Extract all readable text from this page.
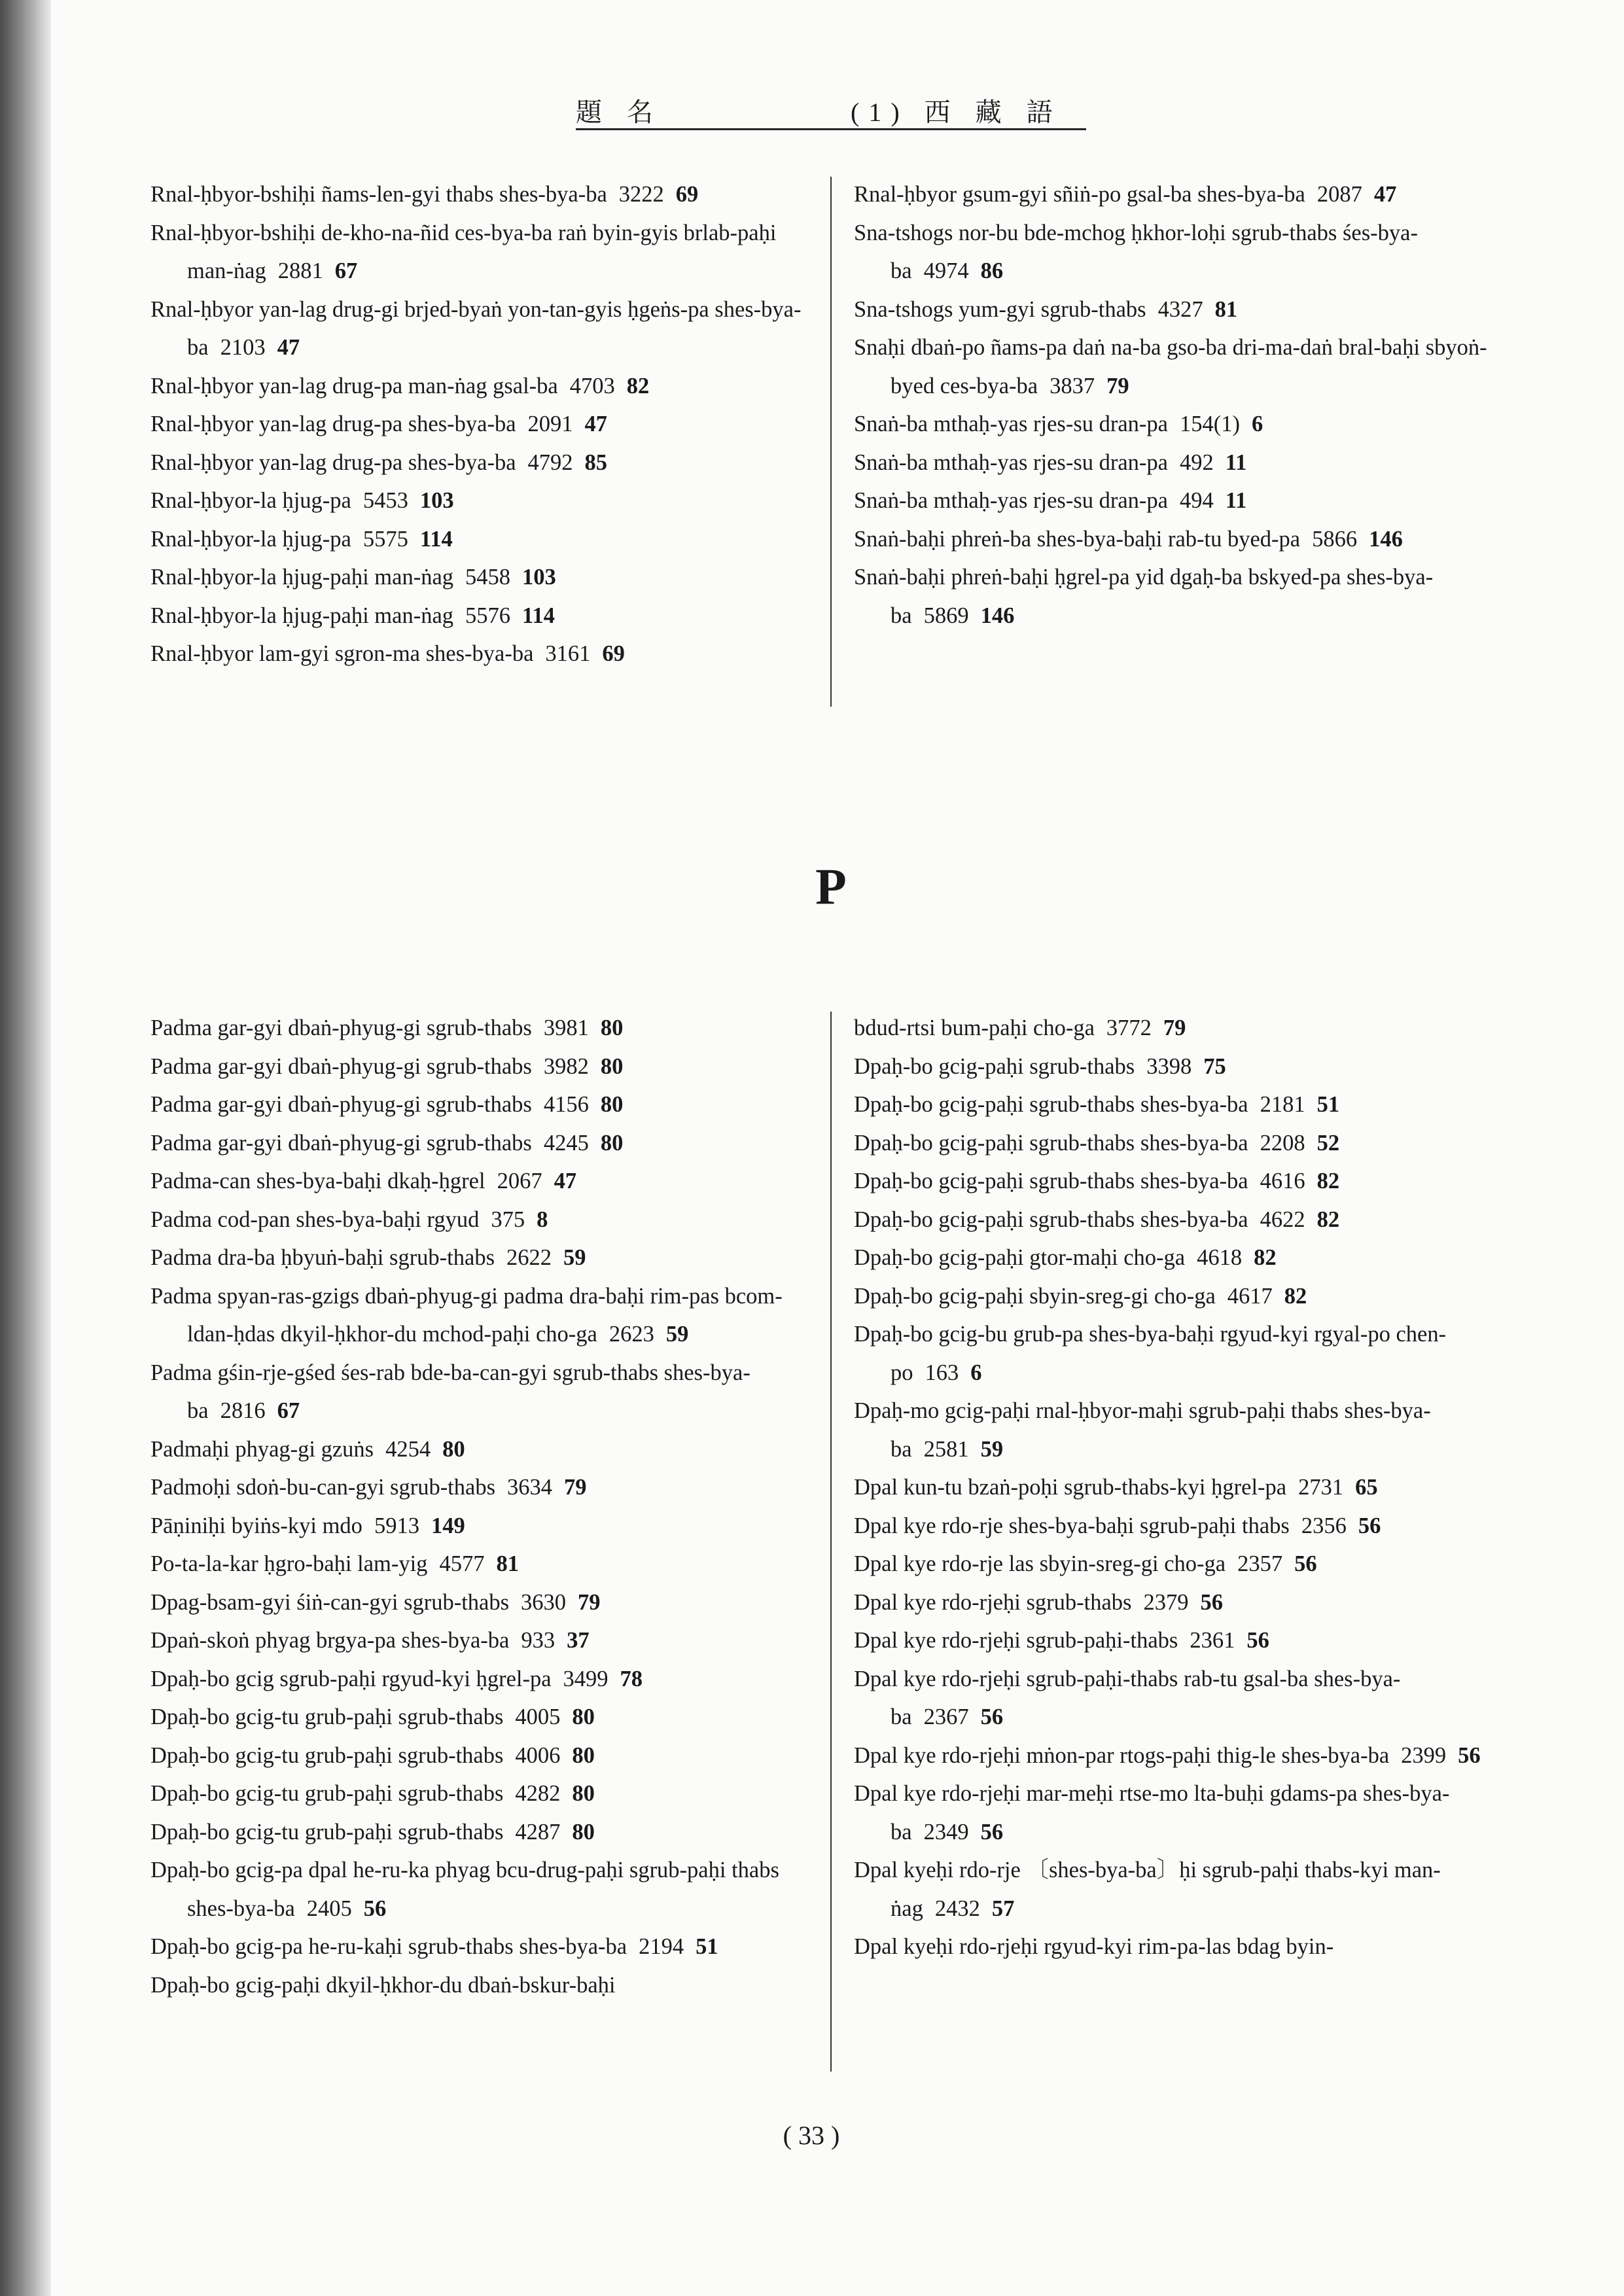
題 名	(1) 西 藏 語
Rnal-ḥbyor-bshiḥi ñams-len-gyi thabs shes-bya-ba 3222 69
Rnal-ḥbyor-bshiḥi de-kho-na-ñid ces-bya-ba raṅ byin-gyis brlab-paḥi man-ṅag 2881 67
Rnal-ḥbyor yan-lag drug-gi brjed-byaṅ yon-tan-gyis ḥgeṅs-pa shes-bya-ba 2103 47
Rnal-ḥbyor yan-lag drug-pa man-ṅag gsal-ba 4703 82
Rnal-ḥbyor yan-lag drug-pa shes-bya-ba 2091 47
Rnal-ḥbyor yan-lag drug-pa shes-bya-ba 4792 85
Rnal-ḥbyor-la ḥjug-pa 5453 103
Rnal-ḥbyor-la ḥjug-pa 5575 114
Rnal-ḥbyor-la ḥjug-paḥi man-ṅag 5458 103
Rnal-ḥbyor-la ḥjug-paḥi man-ṅag 5576 114
Rnal-ḥbyor lam-gyi sgron-ma shes-bya-ba 3161 69
Rnal-ḥbyor gsum-gyi sñiṅ-po gsal-ba shes-bya-ba 2087 47
Sna-tshogs nor-bu bde-mchog ḥkhor-loḥi sgrub-thabs śes-bya-ba 4974 86
Sna-tshogs yum-gyi sgrub-thabs 4327 81
Snaḥi dbaṅ-po ñams-pa daṅ na-ba gso-ba dri-ma-daṅ bral-baḥi sbyoṅ-byed ces-bya-ba 3837 79
Snaṅ-ba mthaḥ-yas rjes-su dran-pa 154(1) 6
Snaṅ-ba mthaḥ-yas rjes-su dran-pa 492 11
Snaṅ-ba mthaḥ-yas rjes-su dran-pa 494 11
Snaṅ-baḥi phreṅ-ba shes-bya-baḥi rab-tu byed-pa 5866 146
Snaṅ-baḥi phreṅ-baḥi ḥgrel-pa yid dgaḥ-ba bskyed-pa shes-bya-ba 5869 146
P
Padma gar-gyi dbaṅ-phyug-gi sgrub-thabs 3981 80
Padma gar-gyi dbaṅ-phyug-gi sgrub-thabs 3982 80
Padma gar-gyi dbaṅ-phyug-gi sgrub-thabs 4156 80
Padma gar-gyi dbaṅ-phyug-gi sgrub-thabs 4245 80
Padma-can shes-bya-baḥi dkaḥ-ḥgrel 2067 47
Padma cod-pan shes-bya-baḥi rgyud 375 8
Padma dra-ba ḥbyuṅ-baḥi sgrub-thabs 2622 59
Padma spyan-ras-gzigs dbaṅ-phyug-gi padma dra-baḥi rim-pas bcom-ldan-ḥdas dkyil-ḥkhor-du mchod-paḥi cho-ga 2623 59
Padma gśin-rje-gśed śes-rab bde-ba-can-gyi sgrub-thabs shes-bya-ba 2816 67
Padmaḥi phyag-gi gzuṅs 4254 80
Padmoḥi sdoṅ-bu-can-gyi sgrub-thabs 3634 79
Pāṇiniḥi byiṅs-kyi mdo 5913 149
Po-ta-la-kar ḥgro-baḥi lam-yig 4577 81
Dpag-bsam-gyi śiṅ-can-gyi sgrub-thabs 3630 79
Dpaṅ-skoṅ phyag brgya-pa shes-bya-ba 933 37
Dpaḥ-bo gcig sgrub-paḥi rgyud-kyi ḥgrel-pa 3499 78
Dpaḥ-bo gcig-tu grub-paḥi sgrub-thabs 4005 80
Dpaḥ-bo gcig-tu grub-paḥi sgrub-thabs 4006 80
Dpaḥ-bo gcig-tu grub-paḥi sgrub-thabs 4282 80
Dpaḥ-bo gcig-tu grub-paḥi sgrub-thabs 4287 80
Dpaḥ-bo gcig-pa dpal he-ru-ka phyag bcu-drug-paḥi sgrub-paḥi thabs shes-bya-ba 2405 56
Dpaḥ-bo gcig-pa he-ru-kaḥi sgrub-thabs shes-bya-ba 2194 51
Dpaḥ-bo gcig-paḥi dkyil-ḥkhor-du dbaṅ-bskur-baḥi
bdud-rtsi bum-paḥi cho-ga 3772 79
Dpaḥ-bo gcig-paḥi sgrub-thabs 3398 75
Dpaḥ-bo gcig-paḥi sgrub-thabs shes-bya-ba 2181 51
Dpaḥ-bo gcig-paḥi sgrub-thabs shes-bya-ba 2208 52
Dpaḥ-bo gcig-paḥi sgrub-thabs shes-bya-ba 4616 82
Dpaḥ-bo gcig-paḥi sgrub-thabs shes-bya-ba 4622 82
Dpaḥ-bo gcig-paḥi gtor-maḥi cho-ga 4618 82
Dpaḥ-bo gcig-paḥi sbyin-sreg-gi cho-ga 4617 82
Dpaḥ-bo gcig-bu grub-pa shes-bya-baḥi rgyud-kyi rgyal-po chen-po 163 6
Dpaḥ-mo gcig-paḥi rnal-ḥbyor-maḥi sgrub-paḥi thabs shes-bya-ba 2581 59
Dpal kun-tu bzaṅ-poḥi sgrub-thabs-kyi ḥgrel-pa 2731 65
Dpal kye rdo-rje shes-bya-baḥi sgrub-paḥi thabs 2356 56
Dpal kye rdo-rje las sbyin-sreg-gi cho-ga 2357 56
Dpal kye rdo-rjeḥi sgrub-thabs 2379 56
Dpal kye rdo-rjeḥi sgrub-paḥi-thabs 2361 56
Dpal kye rdo-rjeḥi sgrub-paḥi-thabs rab-tu gsal-ba shes-bya-ba 2367 56
Dpal kye rdo-rjeḥi mṅon-par rtogs-paḥi thig-le shes-bya-ba 2399 56
Dpal kye rdo-rjeḥi mar-meḥi rtse-mo lta-buḥi gdams-pa shes-bya-ba 2349 56
Dpal kyeḥi rdo-rje 〔shes-bya-ba〕ḥi sgrub-paḥi thabs-kyi man-ṅag 2432 57
Dpal kyeḥi rdo-rjeḥi rgyud-kyi rim-pa-las bdag byin-
( 33 )
